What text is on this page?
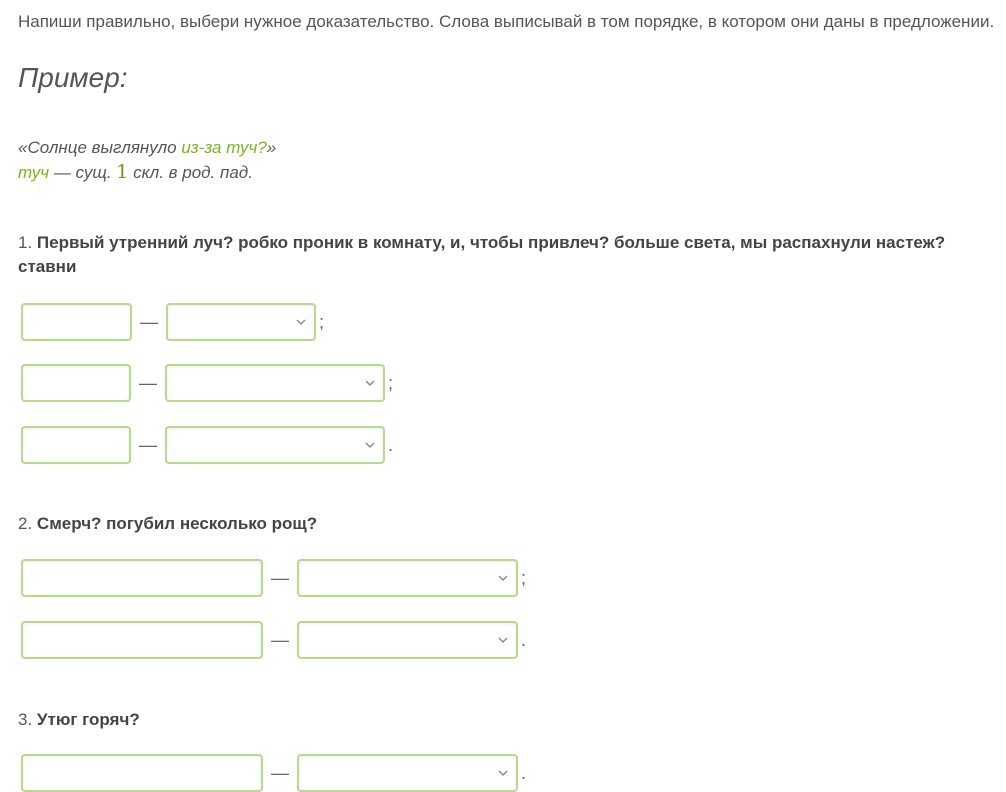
Напиши правильно, выбери нужное доказательство. Слова выписывай в том порядке, в котором они даны в предложении.

Пример:
«Солнце выглянуло из-за туч?»
туч — сущ. 1 скл. в род. пад.

1. Первый утренний луч? робко проник в комнату, и, чтобы привлеч? больше света, мы распахнули настеж? ставни

—	;
—	;
—	.

2. Смерч? погубил несколько рощ?

—	;
—	.

3. Утюг горяч?

—	.
